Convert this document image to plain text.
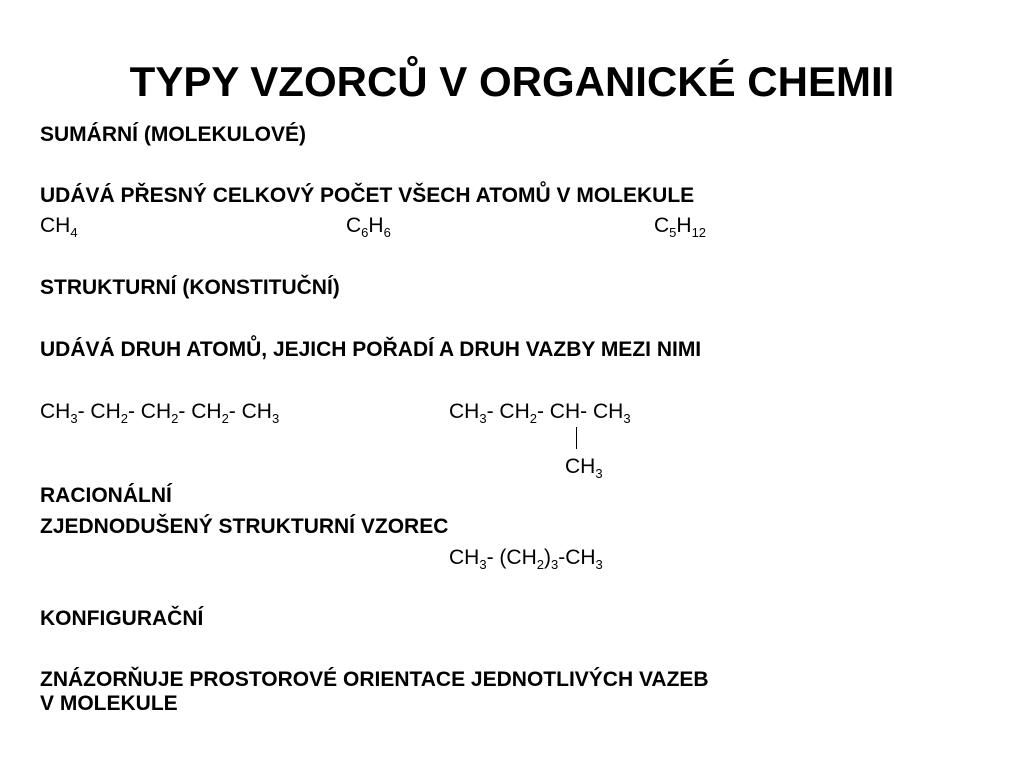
TYPY VZORCŮ V ORGANICKÉ CHEMII
SUMÁRNÍ (MOLEKULOVÉ)
UDÁVÁ PŘESNÝ CELKOVÝ POČET VŠECH ATOMŮ V MOLEKULE
$CH_4$	$C_6H_6$	$C_5H_{12}$
STRUKTURNÍ (KONSTITUČNÍ)
UDÁVÁ DRUH ATOMŮ, JEJICH POŘADÍ A DRUH VAZBY MEZI NIMI
$CH_3-$ $CH_2-$ $CH_2-$ $CH_2-$ $CH_3$	$CH_3-$ $CH_2-$ CH- $CH_3$
$CH_3$
RACIONÁLNÍ
ZJEDNODUŠENÝ STRUKTURNÍ VZOREC
$CH_3-$ $(CH_2)_3-CH_3$
KONFIGURAČNÍ
ZNÁZORŇUJE PROSTOROVÉ ORIENTACE JEDNOTLIVÝCH VAZEB
V MOLEKULE
